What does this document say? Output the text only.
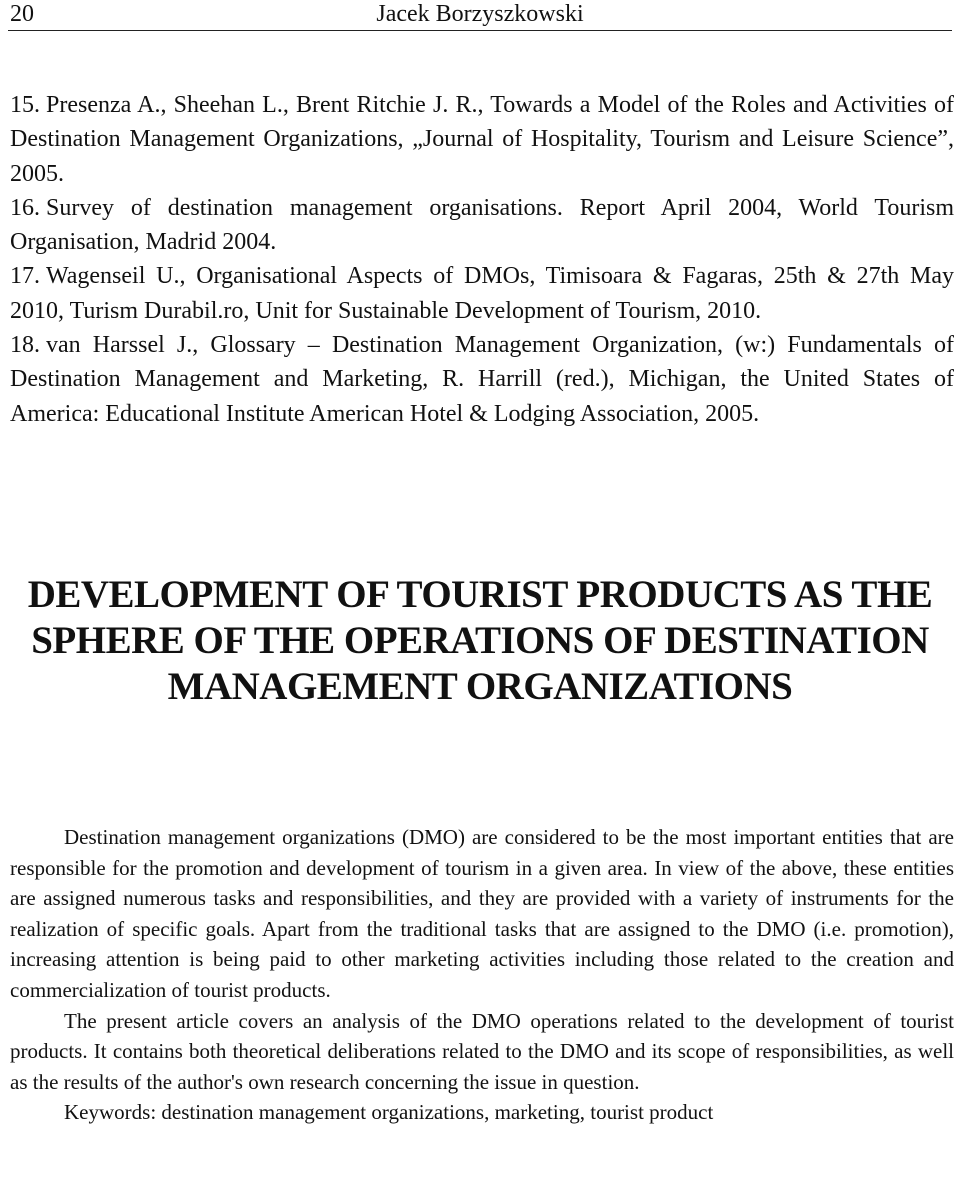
20	Jacek Borzyszkowski
15. Presenza A., Sheehan L., Brent Ritchie J. R., Towards a Model of the Roles and Activities of Destination Management Organizations, „Journal of Hospitality, Tourism and Leisure Science”, 2005.
16. Survey of destination management organisations. Report April 2004, World Tourism Organisation, Madrid 2004.
17. Wagenseil U., Organisational Aspects of DMOs, Timisoara & Fagaras, 25th & 27th May 2010, Turism Durabil.ro, Unit for Sustainable Development of Tourism, 2010.
18. van Harssel J., Glossary – Destination Management Organization, (w:) Fundamentals of Destination Management and Marketing, R. Harrill (red.), Michigan, the United States of America: Educational Institute American Hotel & Lodging Association, 2005.
DEVELOPMENT OF TOURIST PRODUCTS AS THE SPHERE OF THE OPERATIONS OF DESTINATION MANAGEMENT ORGANIZATIONS

Destination management organizations (DMO) are considered to be the most important entities that are responsible for the promotion and development of tourism in a given area. In view of the above, these entities are assigned numerous tasks and responsibilities, and they are provided with a variety of instruments for the realization of specific goals. Apart from the traditional tasks that are assigned to the DMO (i.e. promotion), increasing attention is being paid to other marketing activities including those related to the creation and commercialization of tourist products.

The present article covers an analysis of the DMO operations related to the development of tourist products. It contains both theoretical deliberations related to the DMO and its scope of responsibilities, as well as the results of the author's own research concerning the issue in question.

Keywords: destination management organizations, marketing, tourist product
